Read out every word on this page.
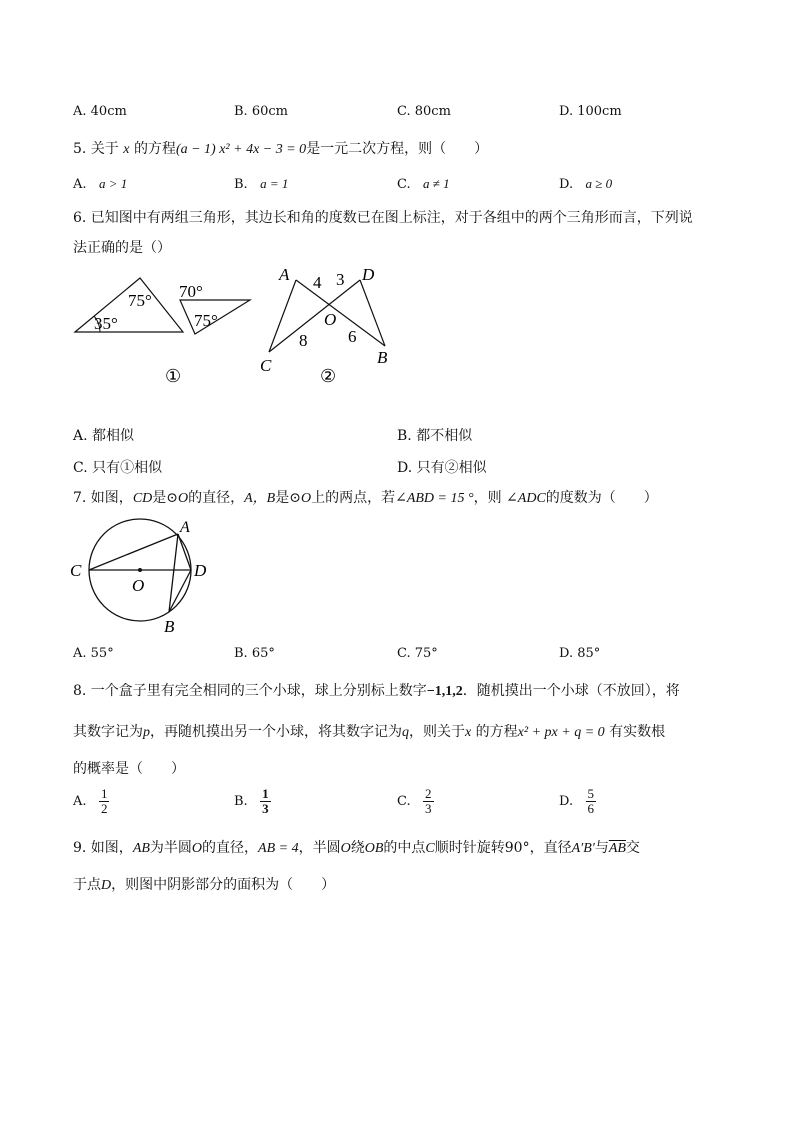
A. 40cm	B. 60cm	C. 80cm	D. 100cm
5. 关于 x 的方程(a − 1) x² + 4x − 3 = 0是一元二次方程，则（　　）
A. a > 1	B. a = 1	C. a ≠ 1	D. a ≥ 0
6. 已知图中有两组三角形，其边长和角的度数已在图上标注，对于各组中的两个三角形而言，下列说
法正确的是（）
75°
35°
70°
75°
①
A	D
4 3
O
8 6
C	B
②
A. 都相似	B. 都不相似
C. 只有①相似	D. 只有②相似
7. 如图，CD是⊙O的直径，A，B是⊙O上的两点，若∠ABD = 15 °，则 ∠ADC的度数为（　　）
A
C	D
O
B
A. 55°	B. 65°	C. 75°	D. 85°
8. 一个盒子里有完全相同的三个小球，球上分别标上数字−1,1,2．随机摸出一个小球（不放回），将
其数字记为p，再随机摸出另一个小球，将其数字记为q，则关于x 的方程x² + px + q = 0 有实数根
的概率是（　　）
A. $\frac{1}{2}$	B. $\frac{1}{3}$	C. $\frac{2}{3}$	D. $\frac{5}{6}$
9. 如图，AB为半圆O的直径，AB = 4，半圆O绕OB的中点C顺时针旋转90°，直径A′B′与$\overline{AB}$交
于点D，则图中阴影部分的面积为（　　）
